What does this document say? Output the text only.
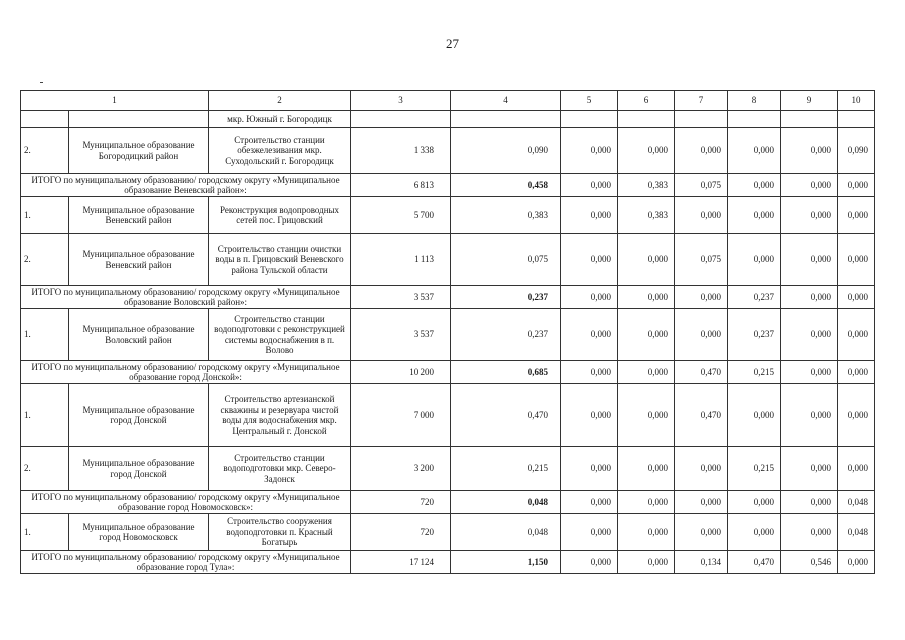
27
1		2	3	4	5	6	7	8	9	10
		мкр. Южный г. Богородицк								
2.	Муниципальное образование Богородицкий район	Строительство станции обезжелезивания мкр. Суходольский г. Богородицк	1 338	0,090	0,000	0,000	0,000	0,000	0,000	0,090
ИТОГО по муниципальному образованию/ городскому округу «Муниципальное образование Веневский район»:			6 813	0,458	0,000	0,383	0,075	0,000	0,000	0,000
1.	Муниципальное образование Веневский район	Реконструкция водопроводных сетей пос. Грицовский	5 700	0,383	0,000	0,383	0,000	0,000	0,000	0,000
2.	Муниципальное образование Веневский район	Строительство станции очистки воды в п. Грицовский Веневского района Тульской области	1 113	0,075	0,000	0,000	0,075	0,000	0,000	0,000
ИТОГО по муниципальному образованию/ городскому округу «Муниципальное образование Воловский район»:			3 537	0,237	0,000	0,000	0,000	0,237	0,000	0,000
1.	Муниципальное образование Воловский район	Строительство станции водоподготовки с реконструкцией системы водоснабжения в п. Волово	3 537	0,237	0,000	0,000	0,000	0,237	0,000	0,000
ИТОГО по муниципальному образованию/ городскому округу «Муниципальное образование город Донской»:			10 200	0,685	0,000	0,000	0,470	0,215	0,000	0,000
1.	Муниципальное образование город Донской	Строительство артезианской скважины и резервуара чистой воды для водоснабжения мкр. Центральный г. Донской	7 000	0,470	0,000	0,000	0,470	0,000	0,000	0,000
2.	Муниципальное образование город Донской	Строительство станции водоподготовки мкр. Северо-Задонск	3 200	0,215	0,000	0,000	0,000	0,215	0,000	0,000
ИТОГО по муниципальному образованию/ городскому округу «Муниципальное образование город Новомосковск»:			720	0,048	0,000	0,000	0,000	0,000	0,000	0,048
1.	Муниципальное образование город Новомосковск	Строительство сооружения водоподготовки п. Красный Богатырь	720	0,048	0,000	0,000	0,000	0,000	0,000	0,048
ИТОГО по муниципальному образованию/ городскому округу «Муниципальное образование город Тула»:			17 124	1,150	0,000	0,000	0,134	0,470	0,546	0,000
